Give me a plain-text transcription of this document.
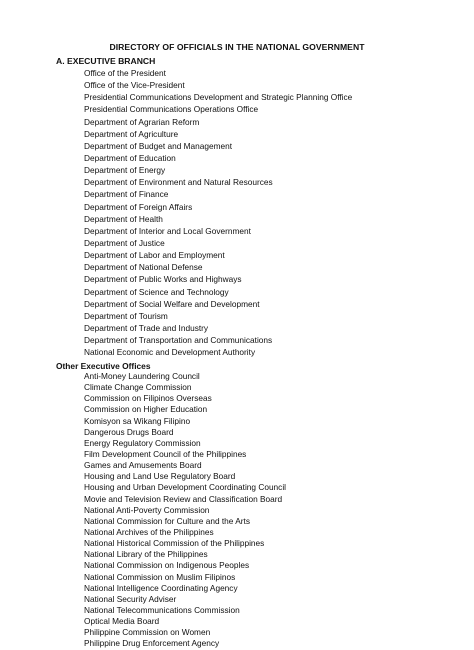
DIRECTORY OF OFFICIALS IN THE NATIONAL GOVERNMENT
A. EXECUTIVE BRANCH
Office of the President
Office of the Vice-President
Presidential Communications Development and Strategic Planning Office
Presidential Communications Operations Office
Department of Agrarian Reform
Department of Agriculture
Department of Budget and Management
Department of Education
Department of Energy
Department of Environment and Natural Resources
Department of Finance
Department of Foreign Affairs
Department of Health
Department of Interior and Local Government
Department of Justice
Department of Labor and Employment
Department of National Defense
Department of Public Works and Highways
Department of Science and Technology
Department of Social Welfare and Development
Department of Tourism
Department of Trade and Industry
Department of Transportation and Communications
National Economic and Development Authority
Other Executive Offices
Anti-Money Laundering Council
Climate Change Commission
Commission on Filipinos Overseas
Commission on Higher Education
Komisyon sa Wikang Filipino
Dangerous Drugs Board
Energy Regulatory Commission
Film Development Council of the Philippines
Games and Amusements Board
Housing and Land Use Regulatory Board
Housing and Urban Development Coordinating Council
Movie and Television Review and Classification Board
National Anti-Poverty Commission
National Commission for Culture and the Arts
National Archives of the Philippines
National Historical Commission of the Philippines
National Library of the Philippines
National Commission on Indigenous Peoples
National Commission on Muslim Filipinos
National Intelligence Coordinating Agency
National Security Adviser
National Telecommunications Commission
Optical Media Board
Philippine Commission on Women
Philippine Drug Enforcement Agency
